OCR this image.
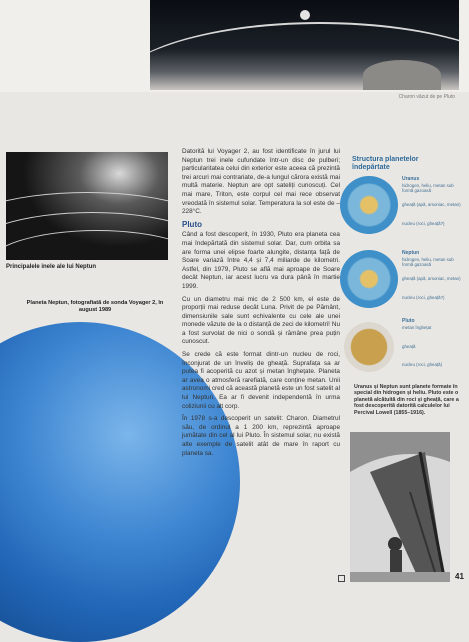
Charon văzut de pe Pluto
Principalele inele ale lui Neptun
Planeta Neptun, fotografiată de sonda Voyager 2, în august 1989

Datorită lui Voyager 2, au fost identificate în jurul lui Neptun trei inele cufundate într-un disc de pulberi; particularitatea celui din exterior este aceea că prezintă trei arcuri mai contrariate, de-a lungul cărora există mai multă materie. Neptun are opt sateliți cunoscuți. Cel mai mare, Triton, este corpul cel mai rece observat vreodată în sistemul solar. Temperatura la sol este de –228°C.

Pluto

Când a fost descoperit, în 1930, Pluto era planeta cea mai îndepărtată din sistemul solar. Dar, cum orbita sa are forma unei elipse foarte alungite, distanța față de Soare variază între 4,4 și 7,4 miliarde de kilometri. Astfel, din 1979, Pluto se află mai aproape de Soare decât Neptun, iar acest lucru va dura până în martie 1999.

Cu un diametru mai mic de 2 500 km, el este de proporții mai reduse decât Luna. Privit de pe Pământ, dimensiunile sale sunt echivalente cu cele ale unei monede văzute de la o distanță de zeci de kilometri! Nu a fost survolat de nici o sondă și rămâne prea puțin cunoscut.

Se crede că este format dintr-un nucleu de roci, înconjurat de un înveliș de gheață. Suprafața sa ar putea fi acoperită cu azot și metan înghețate. Planeta ar avea o atmosferă rarefiată, care conține metan. Unii astronomi cred că această planetă este un fost satelit al lui Neptun. Ea ar fi devenit independentă în urma coliziunii cu alt corp.

În 1978 s-a descoperit un satelit: Charon. Diametrul său, de ordinul a 1 200 km, reprezintă aproape jumătate din cel al lui Pluto. În sistemul solar, nu există alte exemple de satelit atât de mare în raport cu planeta sa.

Structura planetelor îndepărtate
Uranus
hidrogen, heliu, metan sub formă gazoasă
gheață (apă, amoniac, metan)
nucleu (roci, gheață?)
Neptun
hidrogen, heliu, metan sub formă gazoasă
gheață (apă, amoniac, metan)
nucleu (roci, gheață?)
Pluto
metan înghețat
gheață
nucleu (roci, gheață)
Uranus și Neptun sunt planete formate în special din hidrogen și heliu. Pluto este o planetă alcătuită din roci și gheață, care a fost descoperită datorită calculelor lui Percival Lowell (1855–1916).
41
